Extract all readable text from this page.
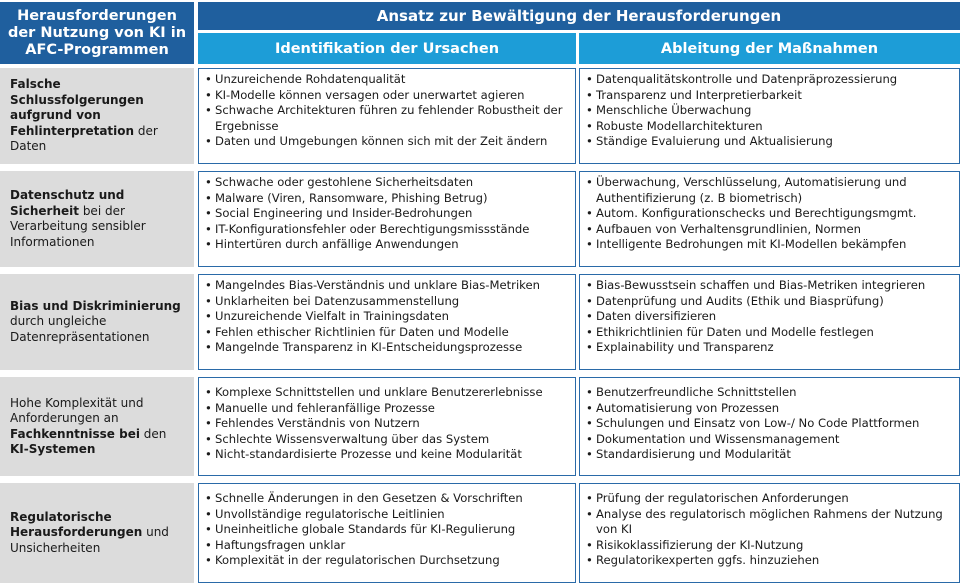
Herausforderungen der Nutzung von KI in AFC-Programmen
Ansatz zur Bewältigung der Herausforderungen
Identifikation der Ursachen	Ableitung der Maßnahmen
Falsche Schlussfolgerungen aufgrund von Fehlinterpretation der Daten
• Unzureichende Rohdatenqualität
• KI-Modelle können versagen oder unerwartet agieren
• Schwache Architekturen führen zu fehlender Robustheit der Ergebnisse
• Daten und Umgebungen können sich mit der Zeit ändern
• Datenqualitätskontrolle und Datenpräprozessierung
• Transparenz und Interpretierbarkeit
• Menschliche Überwachung
• Robuste Modellarchitekturen
• Ständige Evaluierung und Aktualisierung
Datenschutz und Sicherheit bei der Verarbeitung sensibler Informationen
• Schwache oder gestohlene Sicherheitsdaten
• Malware (Viren, Ransomware, Phishing Betrug)
• Social Engineering und Insider-Bedrohungen
• IT-Konfigurationsfehler oder Berechtigungsmissstände
• Hintertüren durch anfällige Anwendungen
• Überwachung, Verschlüsselung, Automatisierung und Authentifizierung (z. B biometrisch)
• Autom. Konfigurationschecks und Berechtigungsmgmt.
• Aufbauen von Verhaltensgrundlinien, Normen
• Intelligente Bedrohungen mit KI-Modellen bekämpfen
Bias und Diskriminierung durch ungleiche Datenrepräsentationen
• Mangelndes Bias-Verständnis und unklare Bias-Metriken
• Unklarheiten bei Datenzusammenstellung
• Unzureichende Vielfalt in Trainingsdaten
• Fehlen ethischer Richtlinien für Daten und Modelle
• Mangelnde Transparenz in KI-Entscheidungsprozesse
• Bias-Bewusstsein schaffen und Bias-Metriken integrieren
• Datenprüfung und Audits (Ethik und Biasprüfung)
• Daten diversifizieren
• Ethikrichtlinien für Daten und Modelle festlegen
• Explainability und Transparenz
Hohe Komplexität und Anforderungen an Fachkenntnisse bei den KI-Systemen
• Komplexe Schnittstellen und unklare Benutzererlebnisse
• Manuelle und fehleranfällige Prozesse
• Fehlendes Verständnis von Nutzern
• Schlechte Wissensverwaltung über das System
• Nicht-standardisierte Prozesse und keine Modularität
• Benutzerfreundliche Schnittstellen
• Automatisierung von Prozessen
• Schulungen und Einsatz von Low-/ No Code Plattformen
• Dokumentation und Wissensmanagement
• Standardisierung und Modularität
Regulatorische Herausforderungen und Unsicherheiten
• Schnelle Änderungen in den Gesetzen & Vorschriften
• Unvollständige regulatorische Leitlinien
• Uneinheitliche globale Standards für KI-Regulierung
• Haftungsfragen unklar
• Komplexität in der regulatorischen Durchsetzung
• Prüfung der regulatorischen Anforderungen
• Analyse des regulatorisch möglichen Rahmens der Nutzung von KI
• Risikoklassifizierung der KI-Nutzung
• Regulatorikexperten ggfs. hinzuziehen
